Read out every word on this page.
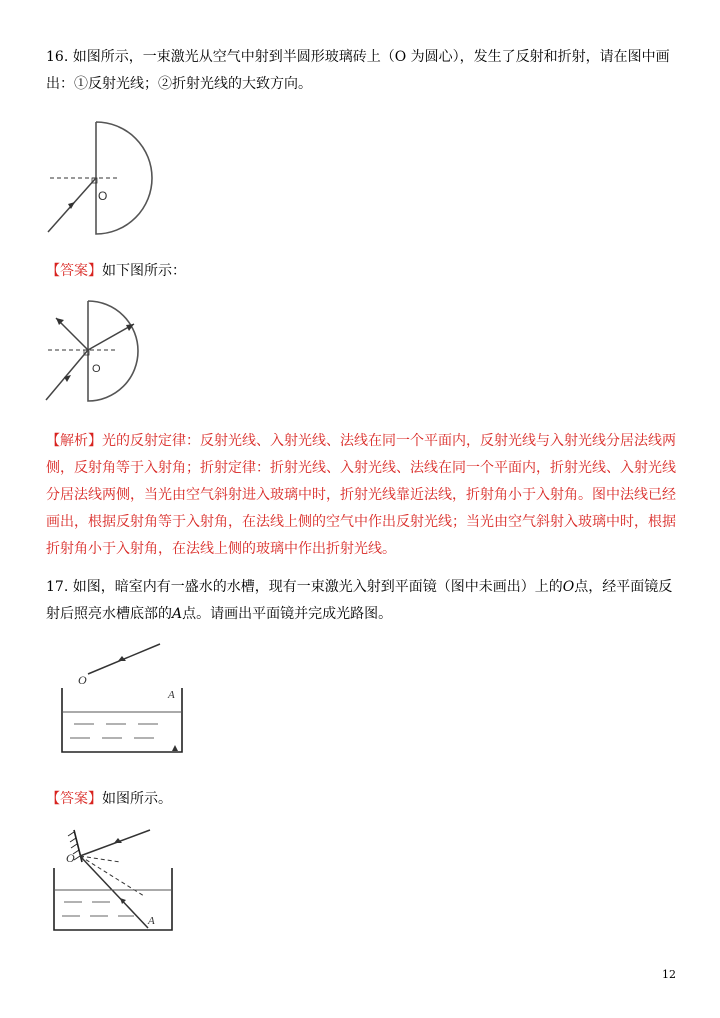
16. 如图所示，一束激光从空气中射到半圆形玻璃砖上（O 为圆心），发生了反射和折射，请在图中画出：①反射光线；②折射光线的大致方向。

O

【答案】如下图所示：

O

【解析】光的反射定律：反射光线、入射光线、法线在同一个平面内，反射光线与入射光线分居法线两侧，反射角等于入射角；折射定律：折射光线、入射光线、法线在同一个平面内，折射光线、入射光线分居法线两侧，当光由空气斜射进入玻璃中时，折射光线靠近法线，折射角小于入射角。图中法线已经画出，根据反射角等于入射角，在法线上侧的空气中作出反射光线；当光由空气斜射入玻璃中时，根据折射角小于入射角，在法线上侧的玻璃中作出折射光线。

17. 如图，暗室内有一盛水的水槽，现有一束激光入射到平面镜（图中未画出）上的O点，经平面镜反射后照亮水槽底部的A点。请画出平面镜并完成光路图。

O
A

【答案】如图所示。

O
A
12
